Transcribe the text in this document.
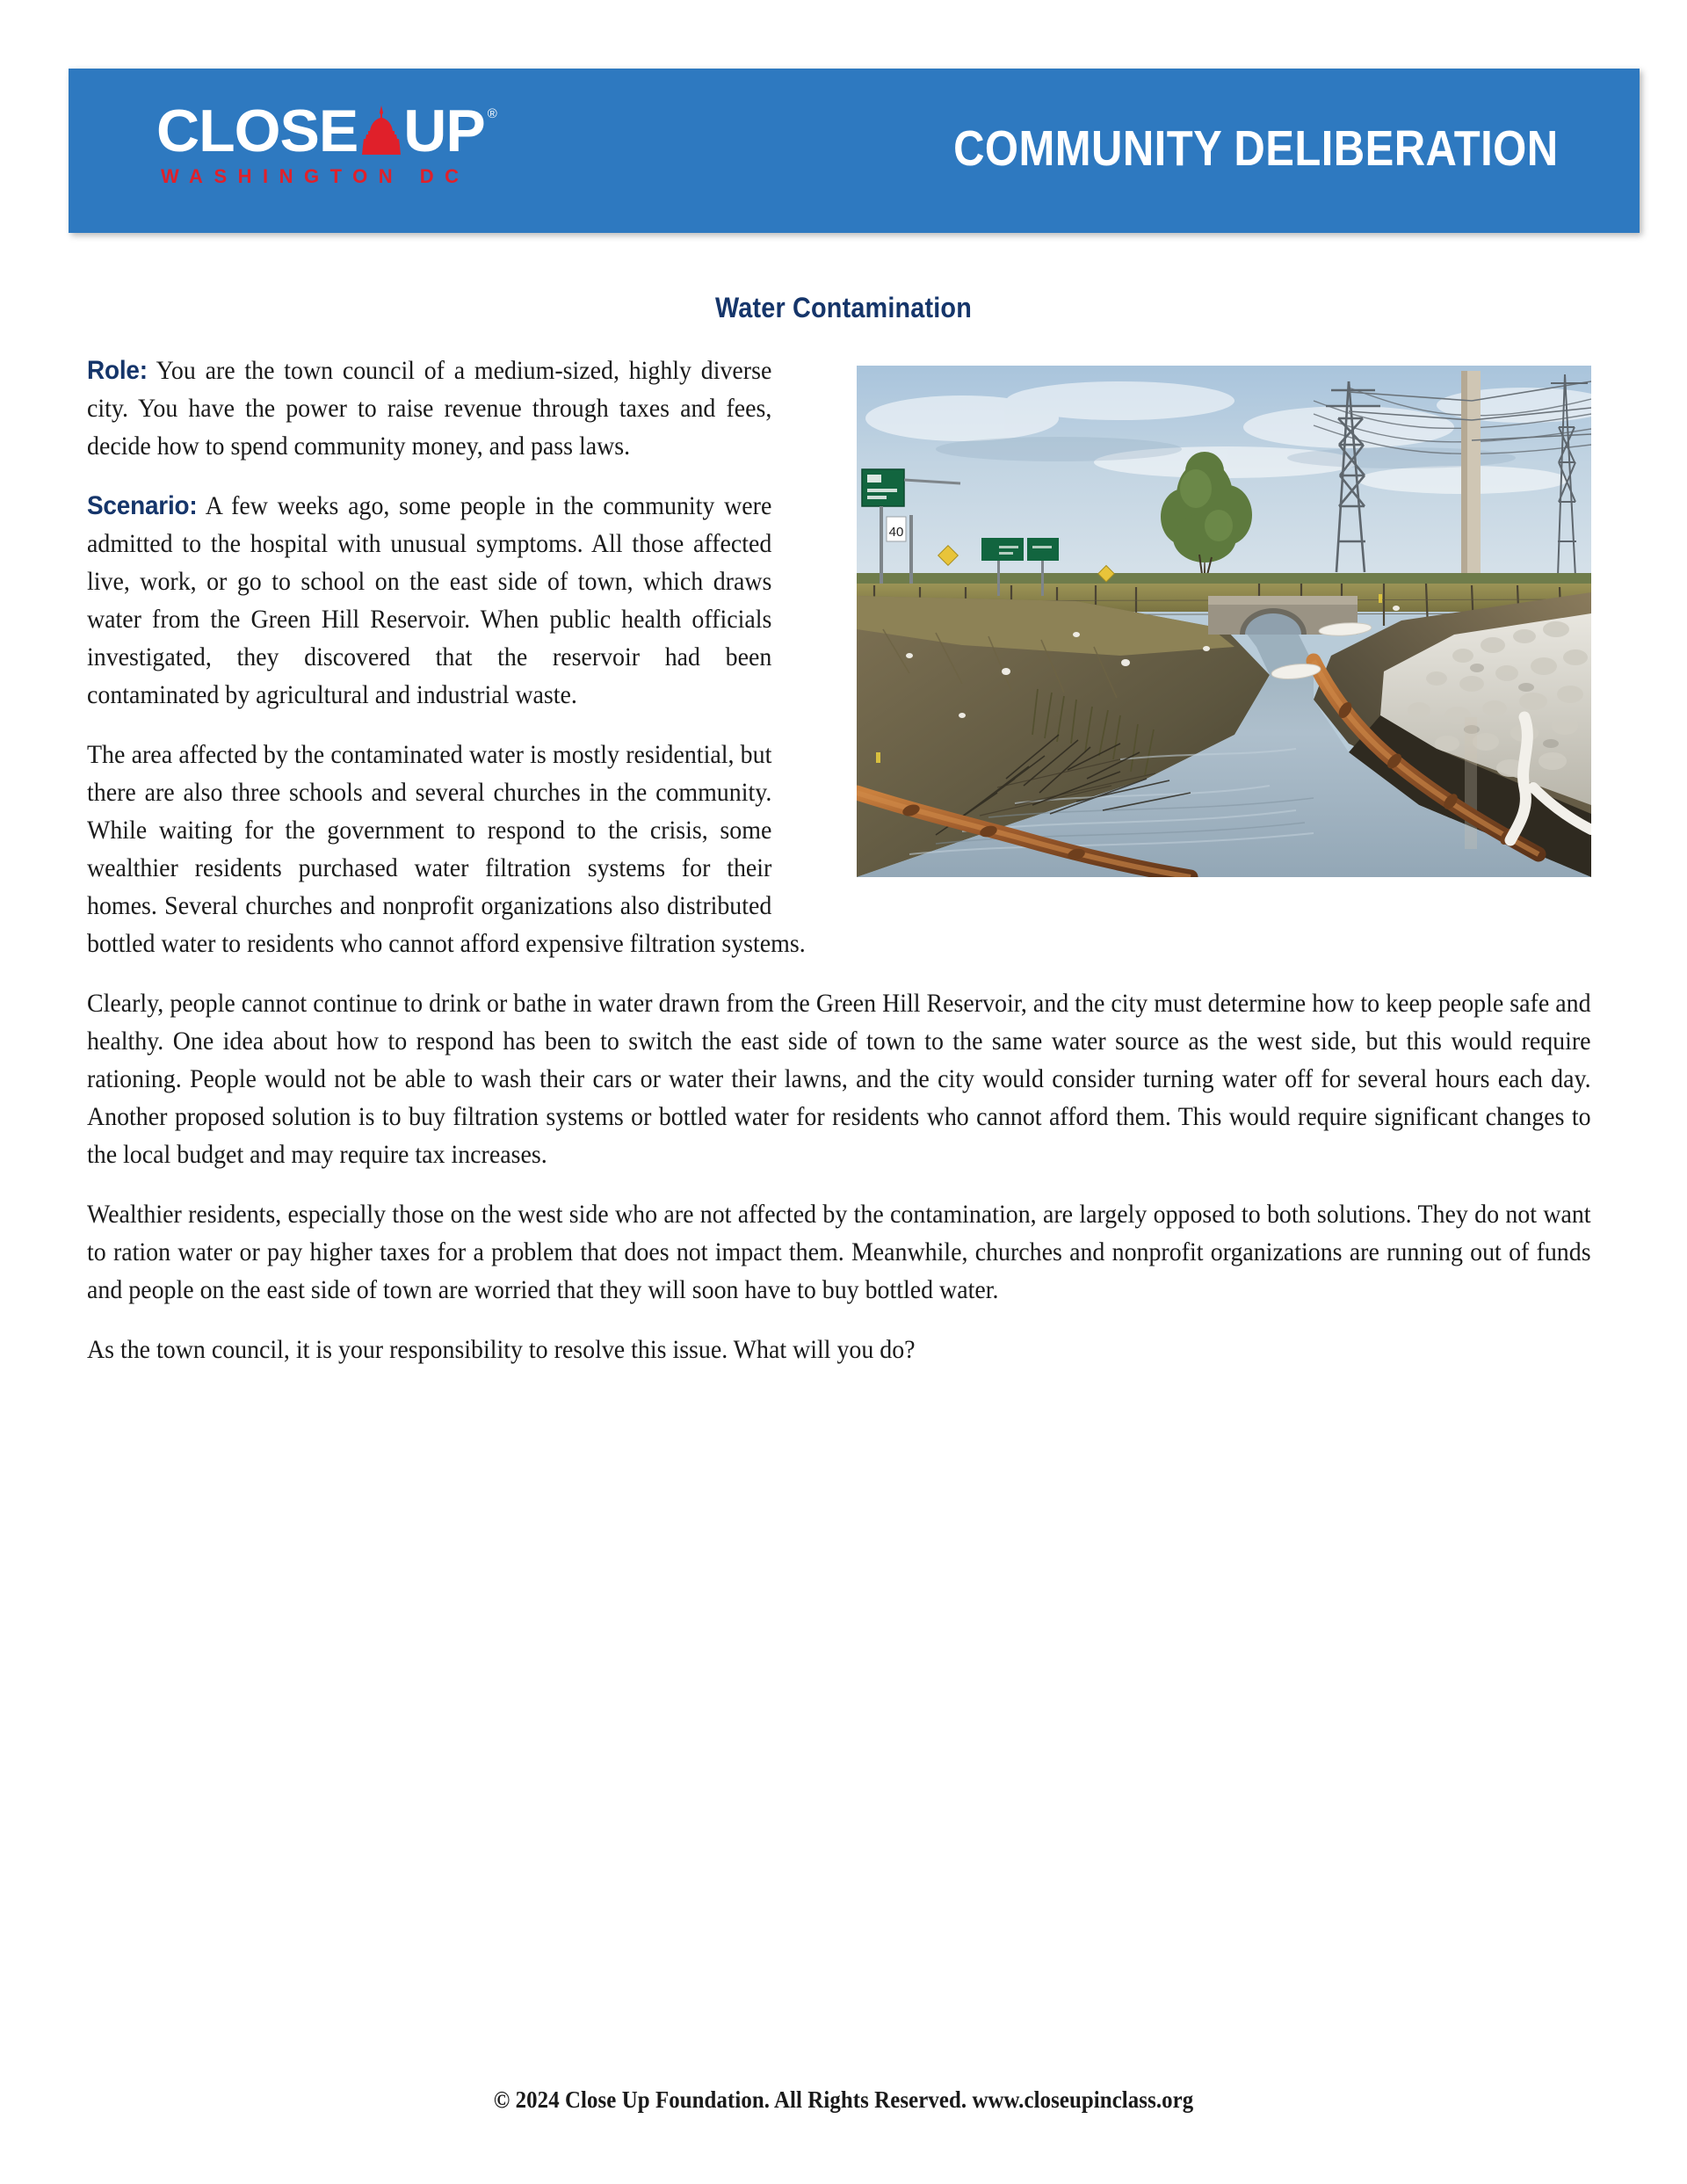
CLOSE UP ®
WASHINGTON DC	COMMUNITY DELIBERATION
Water Contamination
40

Role: You are the town council of a medium-sized, highly diverse city. You have the power to raise revenue through taxes and fees, decide how to spend community money, and pass laws.

Scenario: A few weeks ago, some people in the community were admitted to the hospital with unusual symptoms. All those affected live, work, or go to school on the east side of town, which draws water from the Green Hill Reservoir. When public health officials investigated, they discovered that the reservoir had been contaminated by agricultural and industrial waste.

The area affected by the contaminated water is mostly residential, but there are also three schools and several churches in the community. While waiting for the government to respond to the crisis, some wealthier residents purchased water filtration systems for their homes. Several churches and nonprofit organizations also distributed bottled water to residents who cannot afford expensive filtration systems.

Clearly, people cannot continue to drink or bathe in water drawn from the Green Hill Reservoir, and the city must determine how to keep people safe and healthy. One idea about how to respond has been to switch the east side of town to the same water source as the west side, but this would require rationing. People would not be able to wash their cars or water their lawns, and the city would consider turning water off for several hours each day. Another proposed solution is to buy filtration systems or bottled water for residents who cannot afford them. This would require significant changes to the local budget and may require tax increases.

Wealthier residents, especially those on the west side who are not affected by the contamination, are largely opposed to both solutions. They do not want to ration water or pay higher taxes for a problem that does not impact them. Meanwhile, churches and nonprofit organizations are running out of funds and people on the east side of town are worried that they will soon have to buy bottled water.

As the town council, it is your responsibility to resolve this issue. What will you do?

© 2024 Close Up Foundation. All Rights Reserved. www.closeupinclass.org
